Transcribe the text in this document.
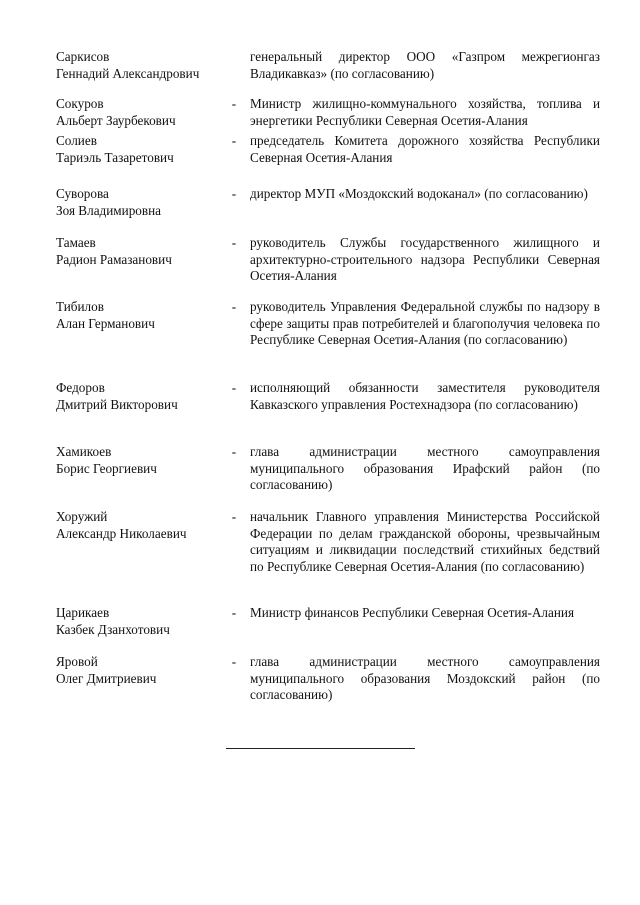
Саркисов
Геннадий Александрович
генеральный директор ООО «Газпром межрегионгаз Владикавказ» (по согласованию)
Сокуров
Альберт Заурбекович
- Министр жилищно-коммунального хозяйства, топлива и энергетики Республики Северная Осетия-Алания
Солиев
Тариэль Тазаретович
- председатель Комитета дорожного хозяйства Республики Северная Осетия-Алания
Суворова
Зоя Владимировна
- директор МУП «Моздокский водоканал» (по согласованию)
Тамаев
Радион Рамазанович
- руководитель Службы государственного жилищного и архитектурно-строительного надзора Республики Северная Осетия-Алания
Тибилов
Алан Германович
- руководитель Управления Федеральной службы по надзору в сфере защиты прав потребителей и благополучия человека по Республике Северная Осетия-Алания (по согласованию)
Федоров
Дмитрий Викторович
- исполняющий обязанности заместителя руководителя Кавказского управления Ростехнадзора (по согласованию)
Хамикоев
Борис Георгиевич
- глава администрации местного самоуправления муниципального образования Ирафский район (по согласованию)
Хоружий
Александр Николаевич
- начальник Главного управления Министерства Российской Федерации по делам гражданской обороны, чрезвычайным ситуациям и ликвидации последствий стихийных бедствий по Республике Северная Осетия-Алания (по согласованию)
Царикаев
Казбек Дзанхотович
- Министр финансов Республики Северная Осетия-Алания
Яровой
Олег Дмитриевич
- глава администрации местного самоуправления муниципального образования Моздокский район (по согласованию)
